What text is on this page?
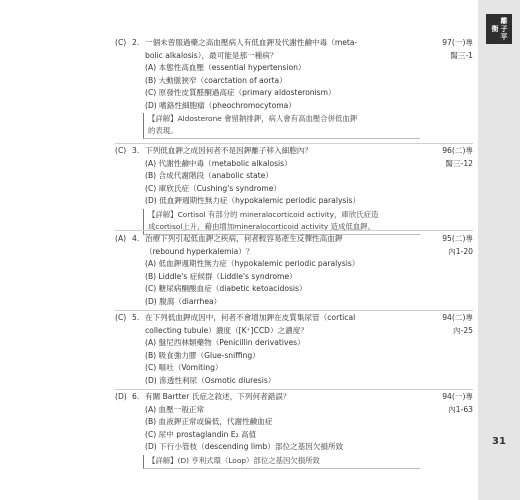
離子平衡
31
(C) 2. 一個未曾服過藥之高血壓病人有低血鉀及代謝性鹼中毒（meta-	97(一)專
bolic alkalosis），最可能是那一種病？	醫三-1
(A) 本態性高血壓（essential hypertension）
(B) 大動脈狹窄（coarctation of aorta）
(C) 原發性皮質醛酮過高症（primary aldosteronism）
(D) 嗜鉻性細胞瘤（pheochromocytoma）
【詳解】Aldosterone 會留鈉排鉀，病人會有高血壓合併低血鉀
的表現。
(C) 3. 下列低血鉀之成因何者不是因鉀離子移入細胞內？	96(二)專
(A) 代謝性鹼中毒（metabolic alkalosis）	醫三-12
(B) 合成代謝階段（anabolic state）
(C) 庫欣氏症（Cushing's syndrome）
(D) 低血鉀週期性無力症（hypokalemic periodic paralysis）
【詳解】Cortisol 有部分的 mineralocorticoid activity，庫欣氏症造
成cortisol上升，藉由增加mineralocorticoid activity 造成低血鉀。
(A) 4. 治療下列引起低血鉀之疾病，何者較容易產生反彈性高血鉀	95(二)專
（rebound hyperkalemia）？	內1-20
(A) 低血鉀週期性無力症（hypokalemic periodic paralysis）
(B) Liddle's 症候群（Liddle's syndrome）
(C) 糖尿病酮酸血症（diabetic ketoacidosis）
(D) 腹瀉（diarrhea）
(C) 5. 在下列低血鉀成因中，何者不會增加鉀在皮質集尿管（cortical	94(二)專
collecting tubule）濃度（[K⁺]CCD）之濃度？	內-25
(A) 盤尼西林類藥物（Penicillin derivatives）
(B) 吸食強力膠（Glue-sniffing）
(C) 嘔吐（Vomiting）
(D) 滲透性利尿（Osmotic diuresis）
(D) 6. 有關 Bartter 氏症之敘述，下列何者錯誤？	94(一)專
(A) 血壓一般正常	內1-63
(B) 血液鉀正常或偏低，代謝性鹼血症
(C) 尿中 prostaglandin E₂ 高值
(D) 下行小管枝（descending limb）部位之基因欠損所致
【詳解】(D) 亨利式環（Loop）部位之基因欠損所致
